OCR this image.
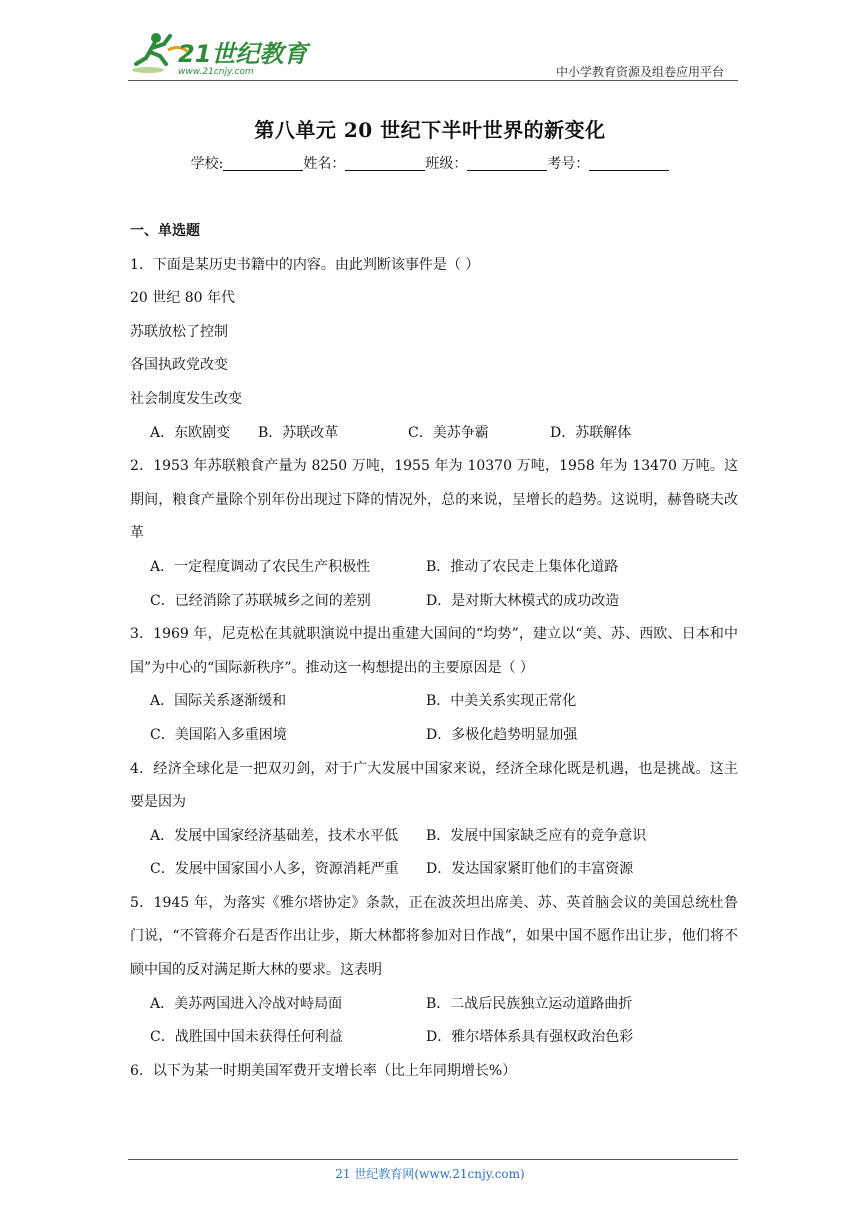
21世纪教育
www.21cnjy.com	中小学教育资源及组卷应用平台
第八单元 20 世纪下半叶世界的新变化
学校:	姓名：	班级：	考号：
一、单选题
1．下面是某历史书籍中的内容。由此判断该事件是（ ）
20 世纪 80 年代
苏联放松了控制
各国执政党改变
社会制度发生改变
A．东欧剧变	B．苏联改革	C．美苏争霸	D．苏联解体
2．1953 年苏联粮食产量为 8250 万吨，1955 年为 10370 万吨，1958 年为 13470 万吨。这期间，粮食产量除个别年份出现过下降的情况外，总的来说，呈增长的趋势。这说明，赫鲁晓夫改革
A．一定程度调动了农民生产积极性	B．推动了农民走上集体化道路
C．已经消除了苏联城乡之间的差别	D．是对斯大林模式的成功改造
3．1969 年，尼克松在其就职演说中提出重建大国间的“均势”，建立以“美、苏、西欧、日本和中国”为中心的“国际新秩序”。推动这一构想提出的主要原因是（ ）
A．国际关系逐渐缓和	B．中美关系实现正常化
C．美国陷入多重困境	D．多极化趋势明显加强
4．经济全球化是一把双刃剑，对于广大发展中国家来说，经济全球化既是机遇，也是挑战。这主要是因为
A．发展中国家经济基础差，技术水平低	B．发展中国家缺乏应有的竞争意识
C．发展中国家国小人多，资源消耗严重	D．发达国家紧盯他们的丰富资源
5．1945 年，为落实《雅尔塔协定》条款，正在波茨坦出席美、苏、英首脑会议的美国总统杜鲁门说，“不管蒋介石是否作出让步，斯大林都将参加对日作战”，如果中国不愿作出让步，他们将不顾中国的反对满足斯大林的要求。这表明
A．美苏两国进入冷战对峙局面	B．二战后民族独立运动道路曲折
C．战胜国中国未获得任何利益	D．雅尔塔体系具有强权政治色彩
6．以下为某一时期美国军费开支增长率（比上年同期增长%）
21 世纪教育网(www.21cnjy.com)
